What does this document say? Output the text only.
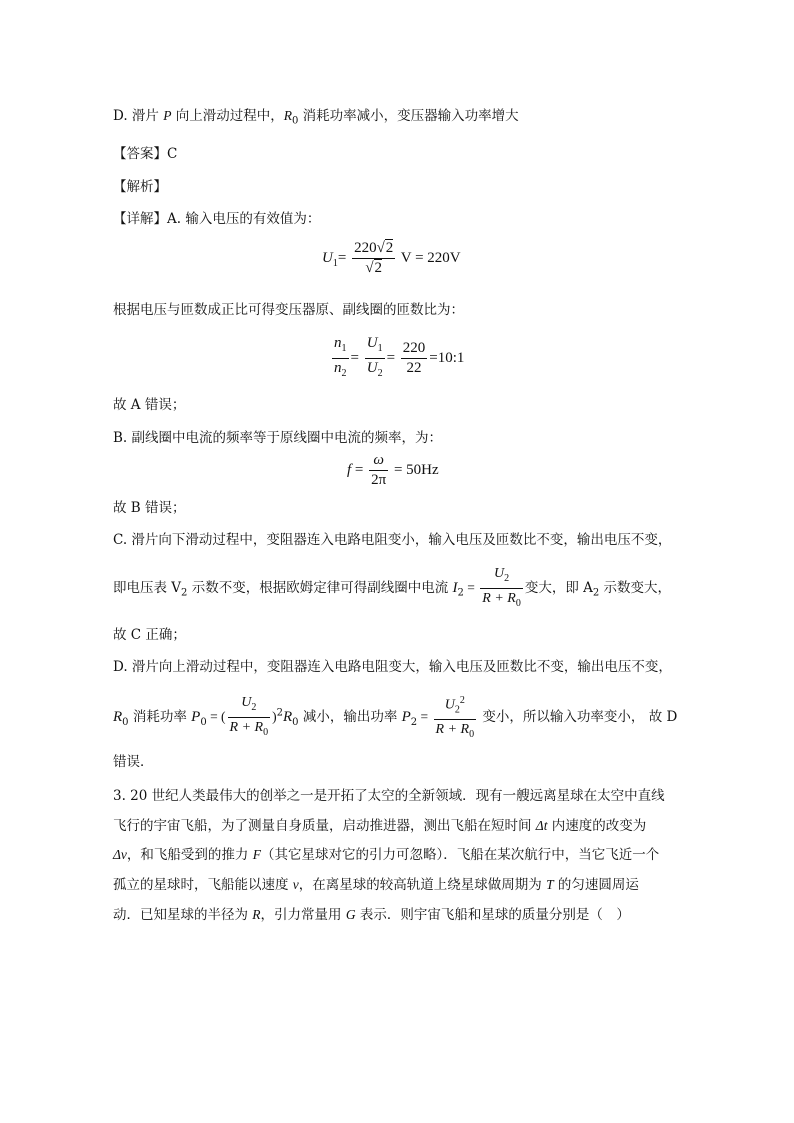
D. 滑片 P 向上滑动过程中，$R_0$ 消耗功率减小，变压器输入功率增大
【答案】C
【解析】
【详解】A. 输入电压的有效值为：
$U_1= \frac{220√2}{√2}$ V = 220V
根据电压与匝数成正比可得变压器原、副线圈的匝数比为：
$\frac{n_1}{n_2} = \frac{U_1}{U_2} = \frac{220}{22}$ =10:1
故 A 错误；
B. 副线圈中电流的频率等于原线圈中电流的频率，为：
$f = \frac{\omega}{2\pi} = 50Hz$
故 B 错误；
C. 滑片向下滑动过程中，变阻器连入电路电阻变小，输入电压及匝数比不变，输出电压不变，
即电压表 $V_2$ 示数不变，根据欧姆定律可得副线圈中电流 $I_2 = \frac{U_2}{R + R_0}$ 变大，即 $A_2$ 示数变大，
故 C 正确；
D. 滑片向上滑动过程中，变阻器连入电路电阻变大，输入电压及匝数比不变，输出电压不变，
$R_0$ 消耗功率 $P_0$ = ( $\frac{U_2}{R + R_0} )^2R_0$ 减小，输出功率 $P_2 = \frac{U_2^2}{R + R_0}$ 变小，所以输入功率变小， 故 D
错误．
3. 20 世纪人类最伟大的创举之一是开拓了太空的全新领域．现有一艘远离星球在太空中直线
飞行的宇宙飞船，为了测量自身质量，启动推进器，测出飞船在短时间 Δt 内速度的改变为
Δv，和飞船受到的推力 F（其它星球对它的引力可忽略）．飞船在某次航行中，当它飞近一个
孤立的星球时，飞船能以速度 v，在离星球的较高轨道上绕星球做周期为 T 的匀速圆周运
动．已知星球的半径为 R，引力常量用 G 表示．则宇宙飞船和星球的质量分别是（　）
